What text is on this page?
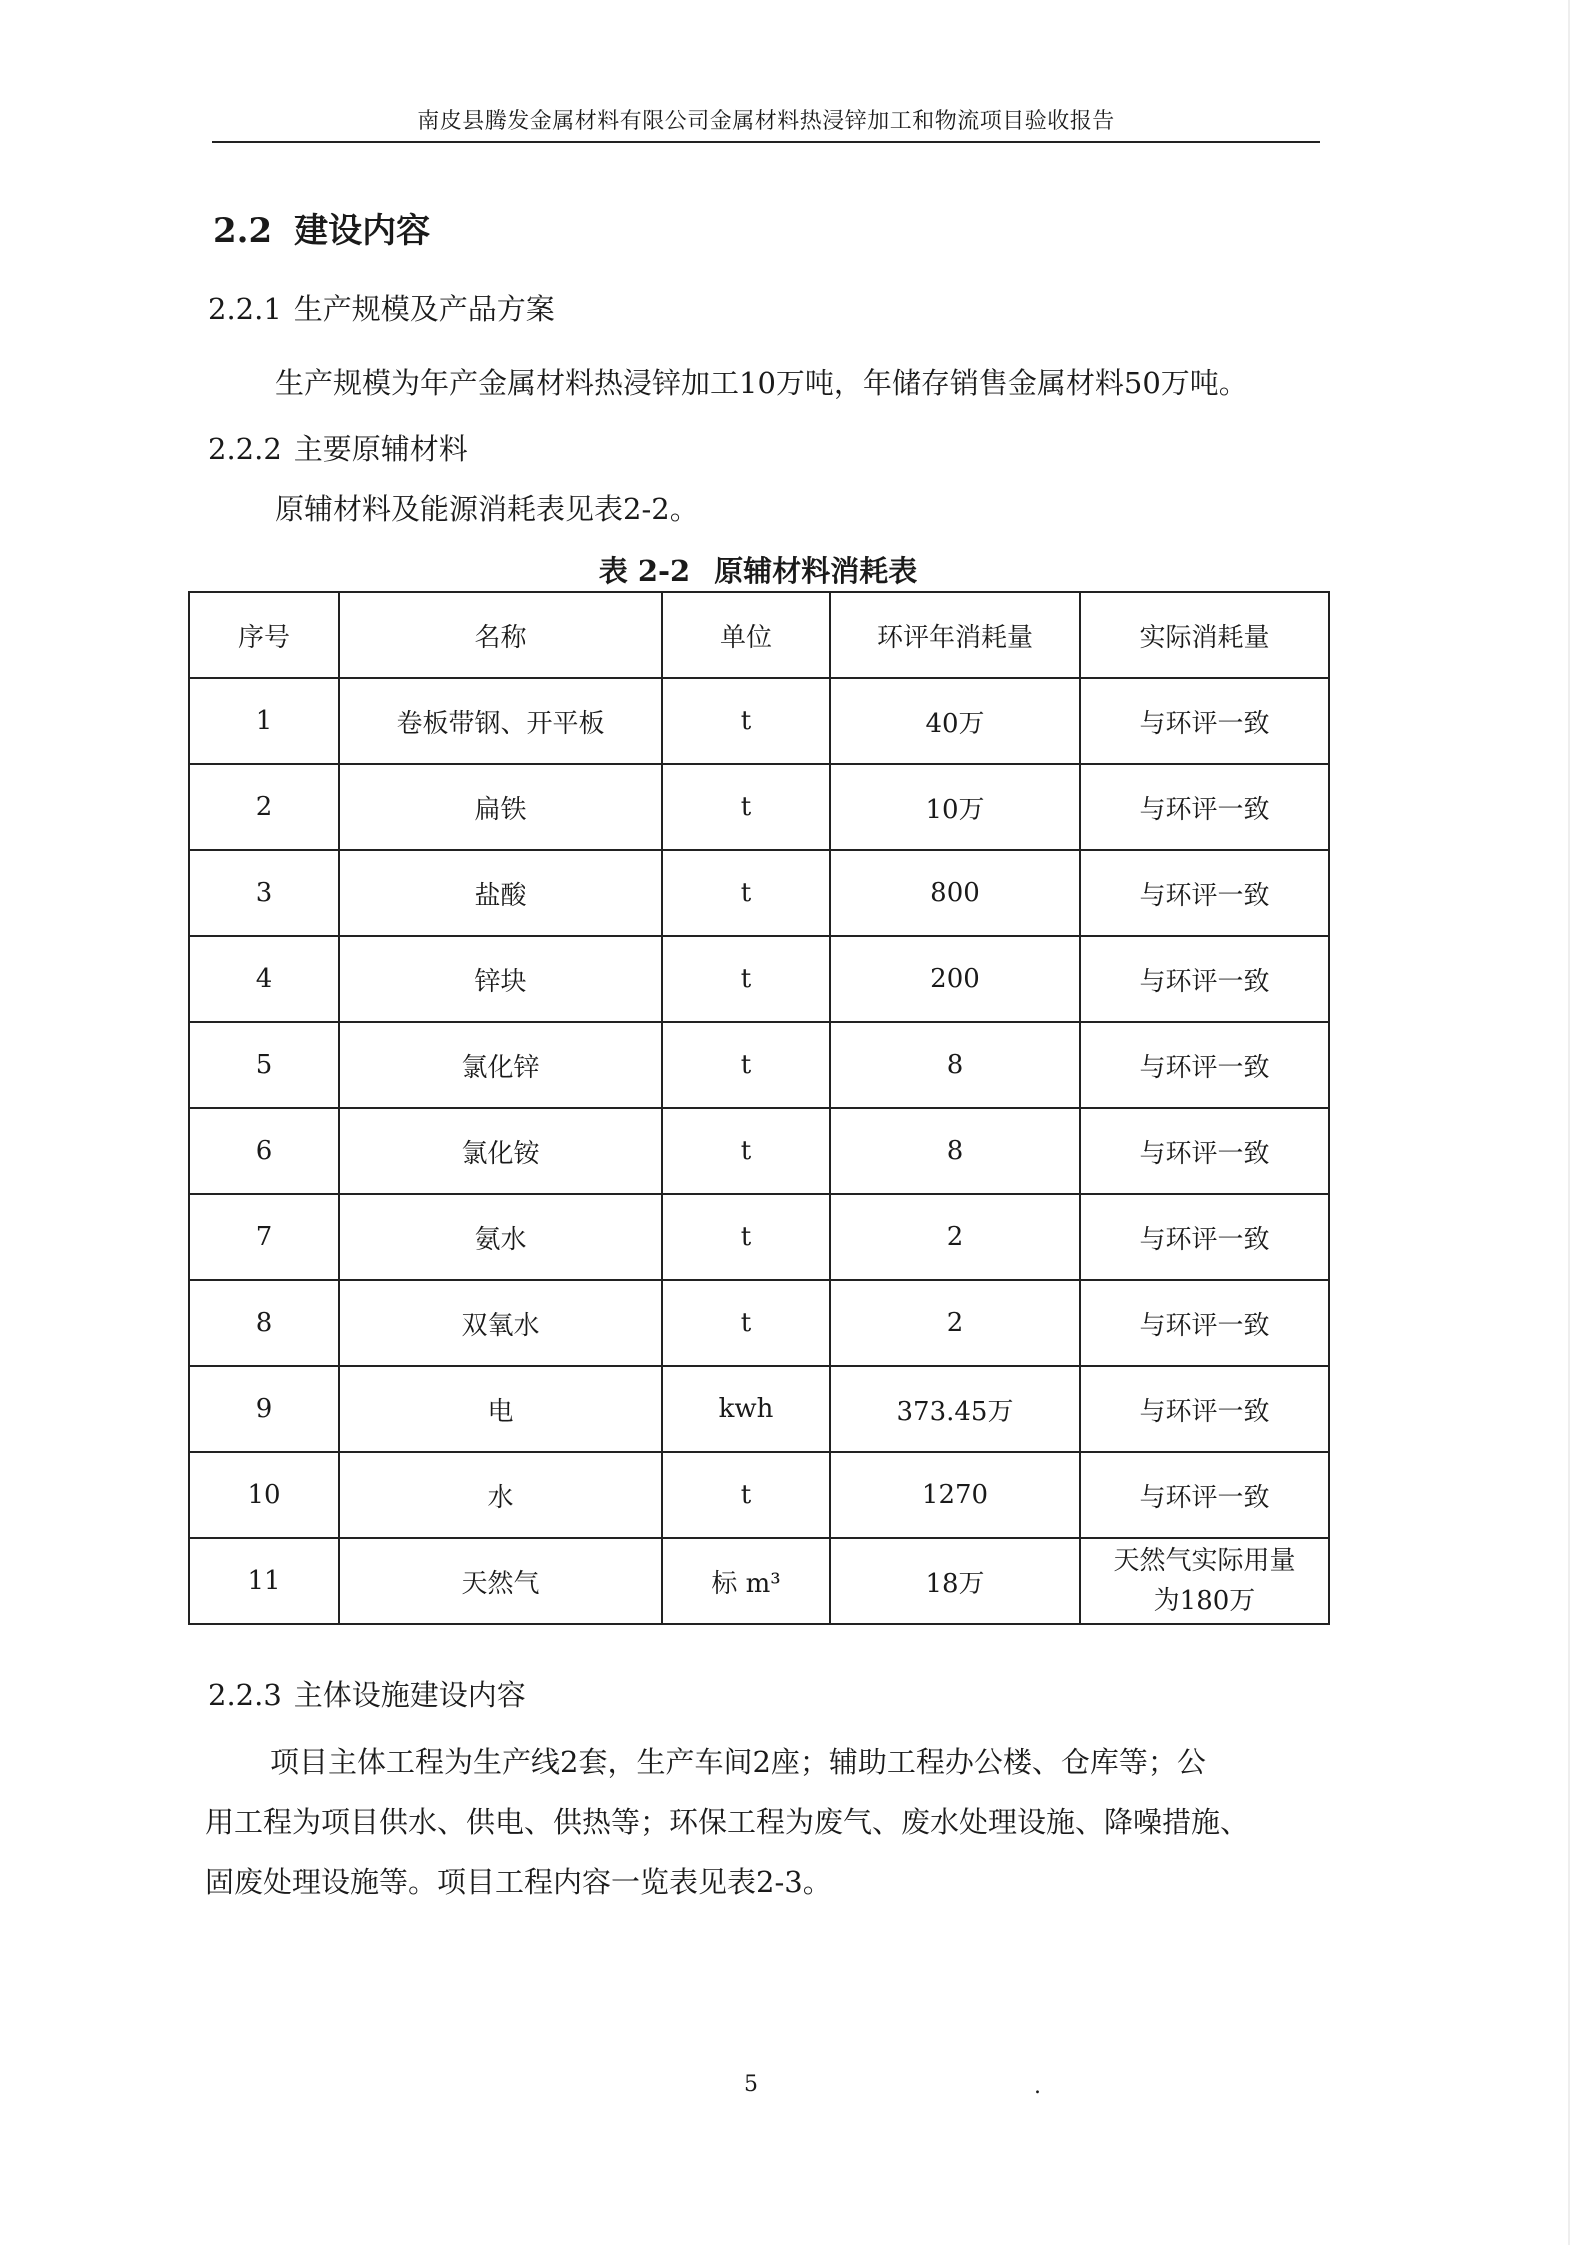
南皮县腾发金属材料有限公司金属材料热浸锌加工和物流项目验收报告
2.2 建设内容
2.2.1 生产规模及产品方案
生产规模为年产金属材料热浸锌加工10万吨，年储存销售金属材料50万吨。
2.2.2 主要原辅材料
原辅材料及能源消耗表见表2-2。
表 2-2 原辅材料消耗表
序号	名称	单位	环评年消耗量	实际消耗量
1	卷板带钢、开平板	t	40万	与环评一致
2	扁铁	t	10万	与环评一致
3	盐酸	t	800	与环评一致
4	锌块	t	200	与环评一致
5	氯化锌	t	8	与环评一致
6	氯化铵	t	8	与环评一致
7	氨水	t	2	与环评一致
8	双氧水	t	2	与环评一致
9	电	kwh	373.45万	与环评一致
10	水	t	1270	与环评一致
11	天然气	标 m³	18万	天然气实际用量
为180万
2.2.3 主体设施建设内容
项目主体工程为生产线2套，生产车间2座；辅助工程办公楼、仓库等；公
用工程为项目供水、供电、供热等；环保工程为废气、废水处理设施、降噪措施、
固废处理设施等。项目工程内容一览表见表2-3。
5	.
